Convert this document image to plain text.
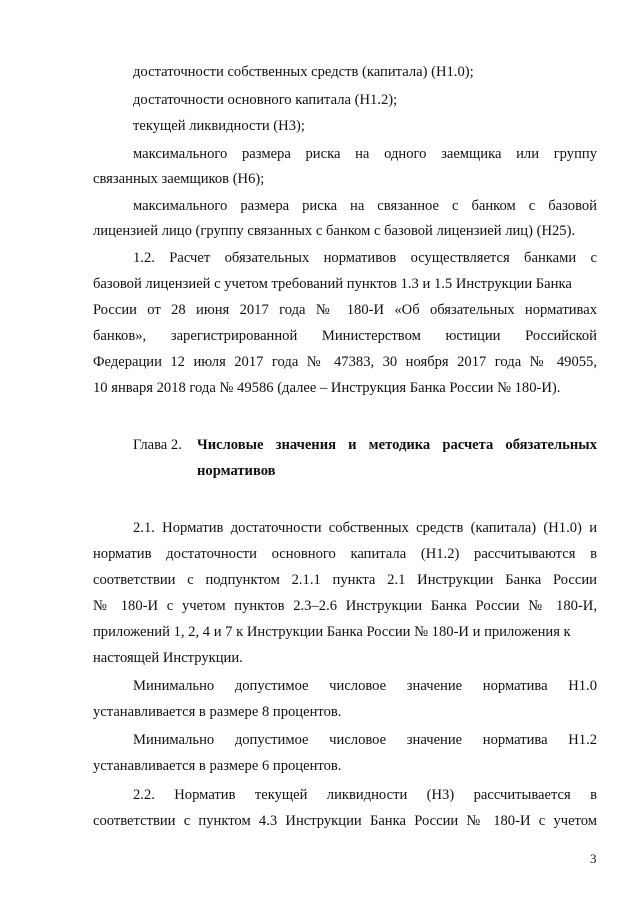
достаточности собственных средств (капитала) (Н1.0);
достаточности основного капитала (Н1.2);
текущей ликвидности (Н3);
максимального размера риска на одного заемщика или группу
связанных заемщиков (Н6);
максимального размера риска на связанное с банком с базовой
лицензией лицо (группу связанных с банком с базовой лицензией лиц) (Н25).
1.2. Расчет обязательных нормативов осуществляется банками с
базовой лицензией с учетом требований пунктов 1.3 и 1.5 Инструкции Банка
России от 28 июня 2017 года № 180-И «Об обязательных нормативах
банков», зарегистрированной Министерством юстиции Российской
Федерации 12 июля 2017 года № 47383, 30 ноября 2017 года № 49055,
10 января 2018 года № 49586 (далее – Инструкция Банка России № 180-И).
Глава 2. Числовые значения и методика расчета обязательных
нормативов
2.1. Норматив достаточности собственных средств (капитала) (Н1.0) и
норматив достаточности основного капитала (Н1.2) рассчитываются в
соответствии с подпунктом 2.1.1 пункта 2.1 Инструкции Банка России
№ 180-И с учетом пунктов 2.3–2.6 Инструкции Банка России № 180-И,
приложений 1, 2, 4 и 7 к Инструкции Банка России № 180-И и приложения к
настоящей Инструкции.
Минимально допустимое числовое значение норматива Н1.0
устанавливается в размере 8 процентов.
Минимально допустимое числовое значение норматива Н1.2
устанавливается в размере 6 процентов.
2.2. Норматив текущей ликвидности (Н3) рассчитывается в
соответствии с пунктом 4.3 Инструкции Банка России № 180-И с учетом
3
